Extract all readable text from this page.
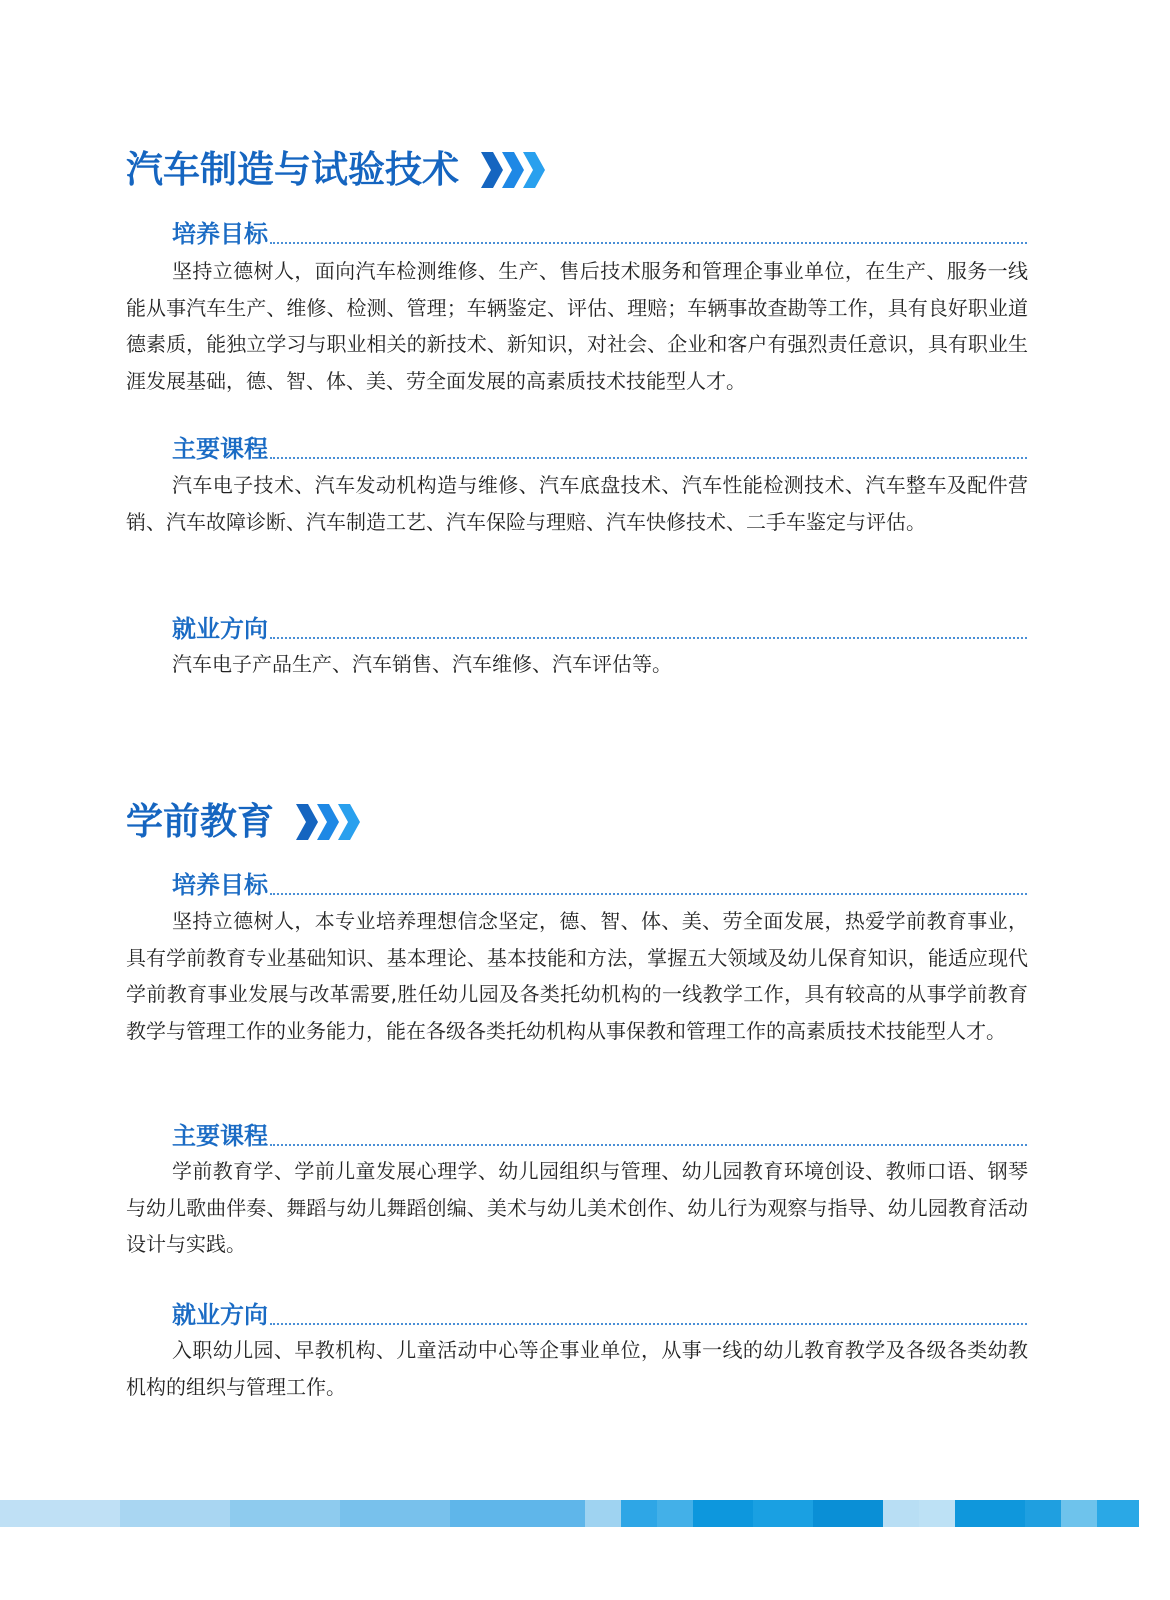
汽车制造与试验技术
培养目标

坚持立德树人，面向汽车检测维修、生产、售后技术服务和管理企事业单位，在生产、服务一线能从事汽车生产、维修、检测、管理；车辆鉴定、评估、理赔；车辆事故查勘等工作，具有良好职业道德素质，能独立学习与职业相关的新技术、新知识，对社会、企业和客户有强烈责任意识，具有职业生涯发展基础，德、智、体、美、劳全面发展的高素质技术技能型人才。

主要课程

汽车电子技术、汽车发动机构造与维修、汽车底盘技术、汽车性能检测技术、汽车整车及配件营销、汽车故障诊断、汽车制造工艺、汽车保险与理赔、汽车快修技术、二手车鉴定与评估。

就业方向

汽车电子产品生产、汽车销售、汽车维修、汽车评估等。

学前教育
培养目标

坚持立德树人，本专业培养理想信念坚定，德、智、体、美、劳全面发展，热爱学前教育事业，具有学前教育专业基础知识、基本理论、基本技能和方法，掌握五大领域及幼儿保育知识，能适应现代学前教育事业发展与改革需要,胜任幼儿园及各类托幼机构的一线教学工作，具有较高的从事学前教育教学与管理工作的业务能力，能在各级各类托幼机构从事保教和管理工作的高素质技术技能型人才。

主要课程

学前教育学、学前儿童发展心理学、幼儿园组织与管理、幼儿园教育环境创设、教师口语、钢琴与幼儿歌曲伴奏、舞蹈与幼儿舞蹈创编、美术与幼儿美术创作、幼儿行为观察与指导、幼儿园教育活动设计与实践。

就业方向

入职幼儿园、早教机构、儿童活动中心等企事业单位，从事一线的幼儿教育教学及各级各类幼教机构的组织与管理工作。
